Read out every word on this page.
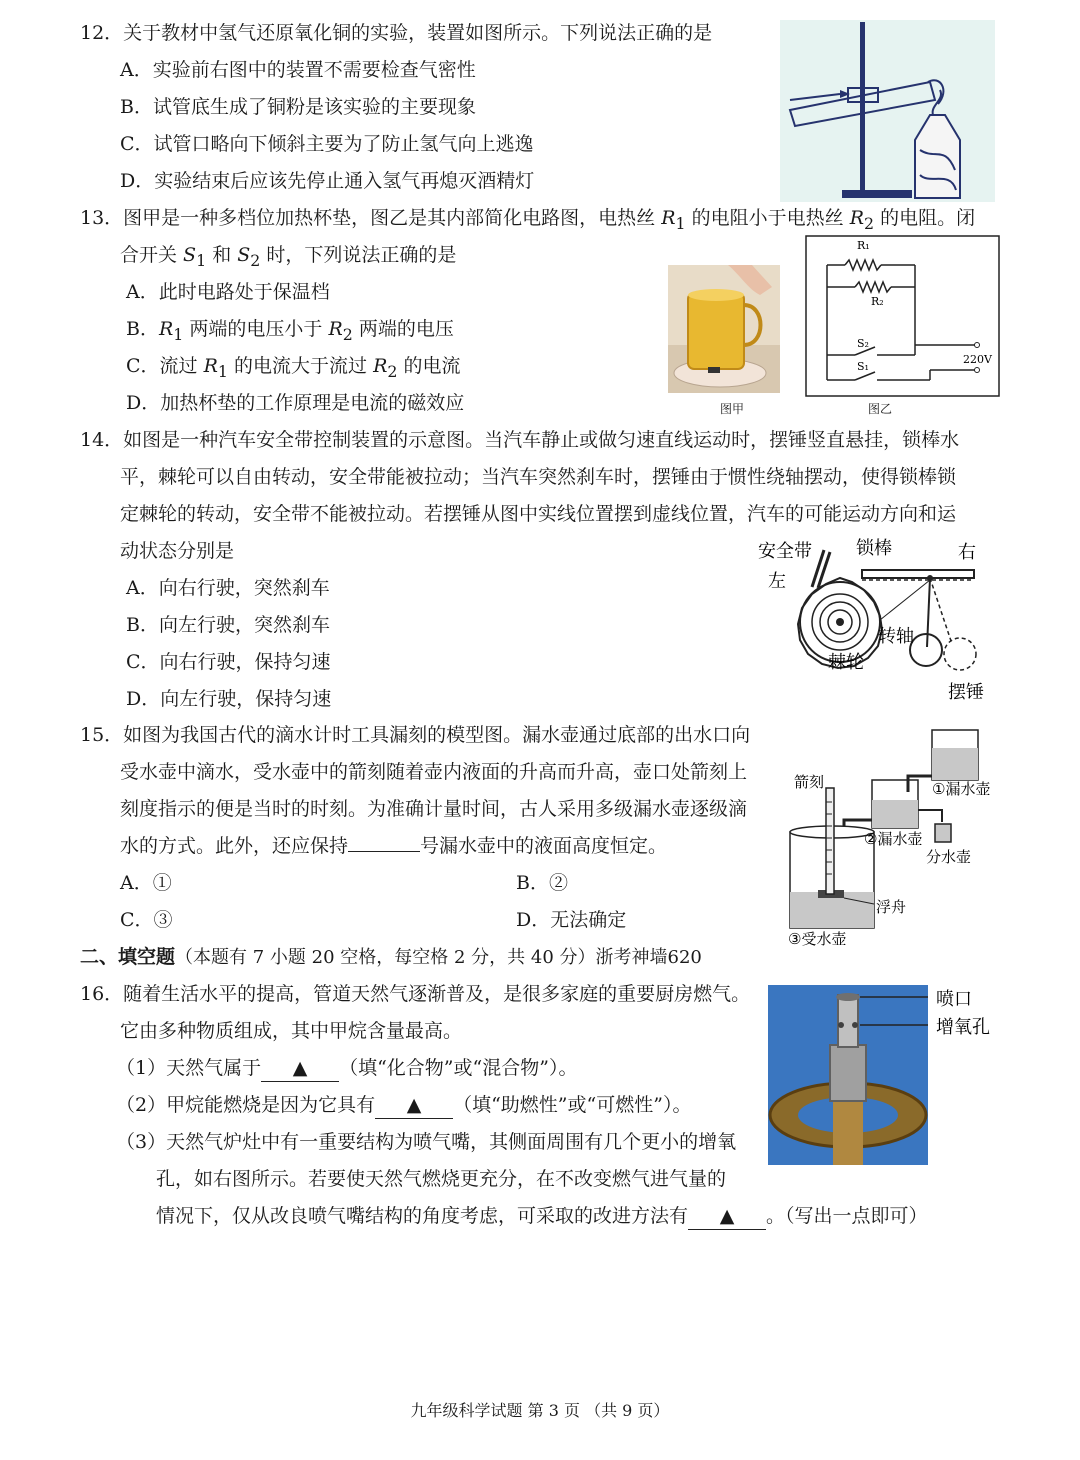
12．关于教材中氢气还原氧化铜的实验，装置如图所示。下列说法正确的是
A．实验前右图中的装置不需要检查气密性
B．试管底生成了铜粉是该实验的主要现象
C．试管口略向下倾斜主要为了防止氢气向上逃逸
D．实验结束后应该先停止通入氢气再熄灭酒精灯
13．图甲是一种多档位加热杯垫，图乙是其内部简化电路图，电热丝 $R_1$ 的电阻小于电热丝 $R_2$ 的电阻。闭
合开关 $S_1$ 和 $S_2$ 时，下列说法正确的是
A．此时电路处于保温档
B．$R_1$ 两端的电压小于 $R_2$ 两端的电压
C．流过 $R_1$ 的电流大于流过 $R_2$ 的电流
D．加热杯垫的工作原理是电流的磁效应	图甲
R₁
R₂
S₂
S₁
220V
图乙
14．如图是一种汽车安全带控制装置的示意图。当汽车静止或做匀速直线运动时，摆锤竖直悬挂，锁棒水
平，棘轮可以自由转动，安全带能被拉动；当汽车突然刹车时，摆锤由于惯性绕轴摆动，使得锁棒锁
定棘轮的转动，安全带不能被拉动。若摆锤从图中实线位置摆到虚线位置，汽车的可能运动方向和运
动状态分别是
A．向右行驶，突然刹车
B．向左行驶，突然刹车
C．向右行驶，保持匀速
D．向左行驶，保持匀速
安全带 锁棒	右
左
转轴
棘轮
摆锤
15．如图为我国古代的滴水计时工具漏刻的模型图。漏水壶通过底部的出水口向
受水壶中滴水，受水壶中的箭刻随着壶内液面的升高而升高，壶口处箭刻上
刻度指示的便是当时的时刻。为准确计量时间，古人采用多级漏水壶逐级滴
水的方式。此外，还应保持	号漏水壶中的液面高度恒定。
A．①	B．②
C．③	D．无法确定
箭刻	①漏水壶
②漏水壶
分水壶
浮舟
③受水壶
二、填空题（本题有 7 小题 20 空格，每空格 2 分，共 40 分）浙考神墙620
16．随着生活水平的提高，管道天然气逐渐普及，是很多家庭的重要厨房燃气。
它由多种物质组成，其中甲烷含量最高。
（1）天然气属于 ▲ （填“化合物”或“混合物”）。
（2）甲烷能燃烧是因为它具有 ▲ （填“助燃性”或“可燃性”）。
（3）天然气炉灶中有一重要结构为喷气嘴，其侧面周围有几个更小的增氧
孔，如右图所示。若要使天然气燃烧更充分，在不改变燃气进气量的
情况下，仅从改良喷气嘴结构的角度考虑，可采取的改进方法有 ▲ 。（写出一点即可）
喷口
增氧孔
九年级科学试题 第 3 页 （共 9 页）
